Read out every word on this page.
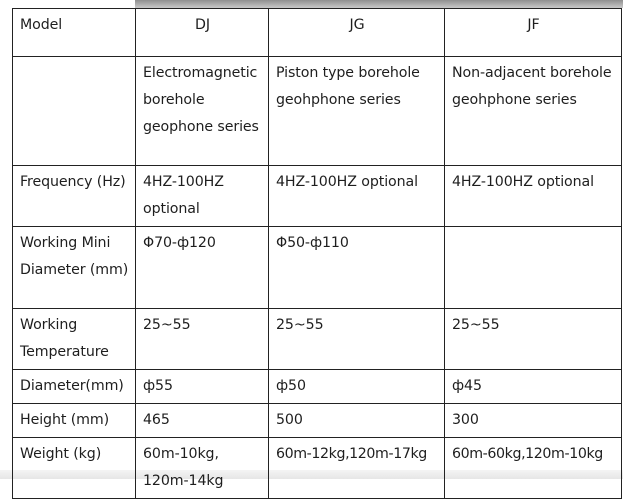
Model	DJ	JG	JF

	Electromagnetic borehole geophone series	Piston type borehole geohphone series	Non-adjacent borehole geohphone series

Frequency (Hz)	4HZ-100HZ optional	4HZ-100HZ optional	4HZ-100HZ optional

Working Mini Diameter (mm)	Φ70-ф120	Φ50-ф110	

Working Temperature	25~55	25~55	25~55

Diameter(mm)	ф55	ф50	ф45

Height (mm)	465	500	300

Weight (kg)	60m-10kg, 120m-14kg	60m-12kg,120m-17kg	60m-60kg,120m-10kg
